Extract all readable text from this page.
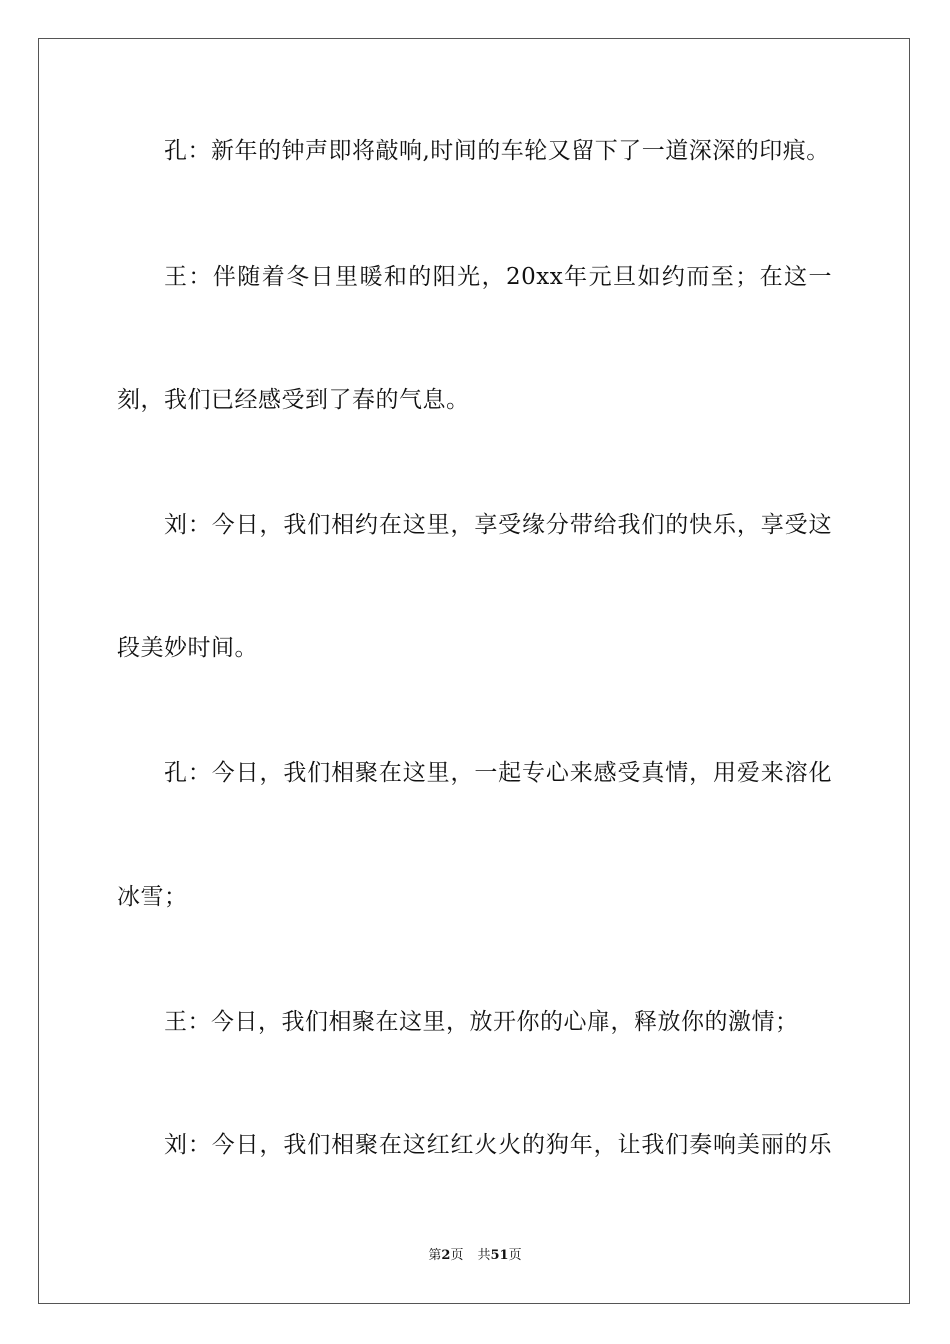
孔：新年的钟声即将敲响,时间的车轮又留下了一道深深的印痕。
王：伴随着冬日里暖和的阳光，20xx年元旦如约而至；在这一
刻，我们已经感受到了春的气息。
刘：今日，我们相约在这里，享受缘分带给我们的快乐，享受这
段美妙时间。
孔：今日，我们相聚在这里，一起专心来感受真情，用爱来溶化
冰雪；
王：今日，我们相聚在这里，放开你的心扉，释放你的激情；
刘：今日，我们相聚在这红红火火的狗年，让我们奏响美丽的乐
第2页 共51页
